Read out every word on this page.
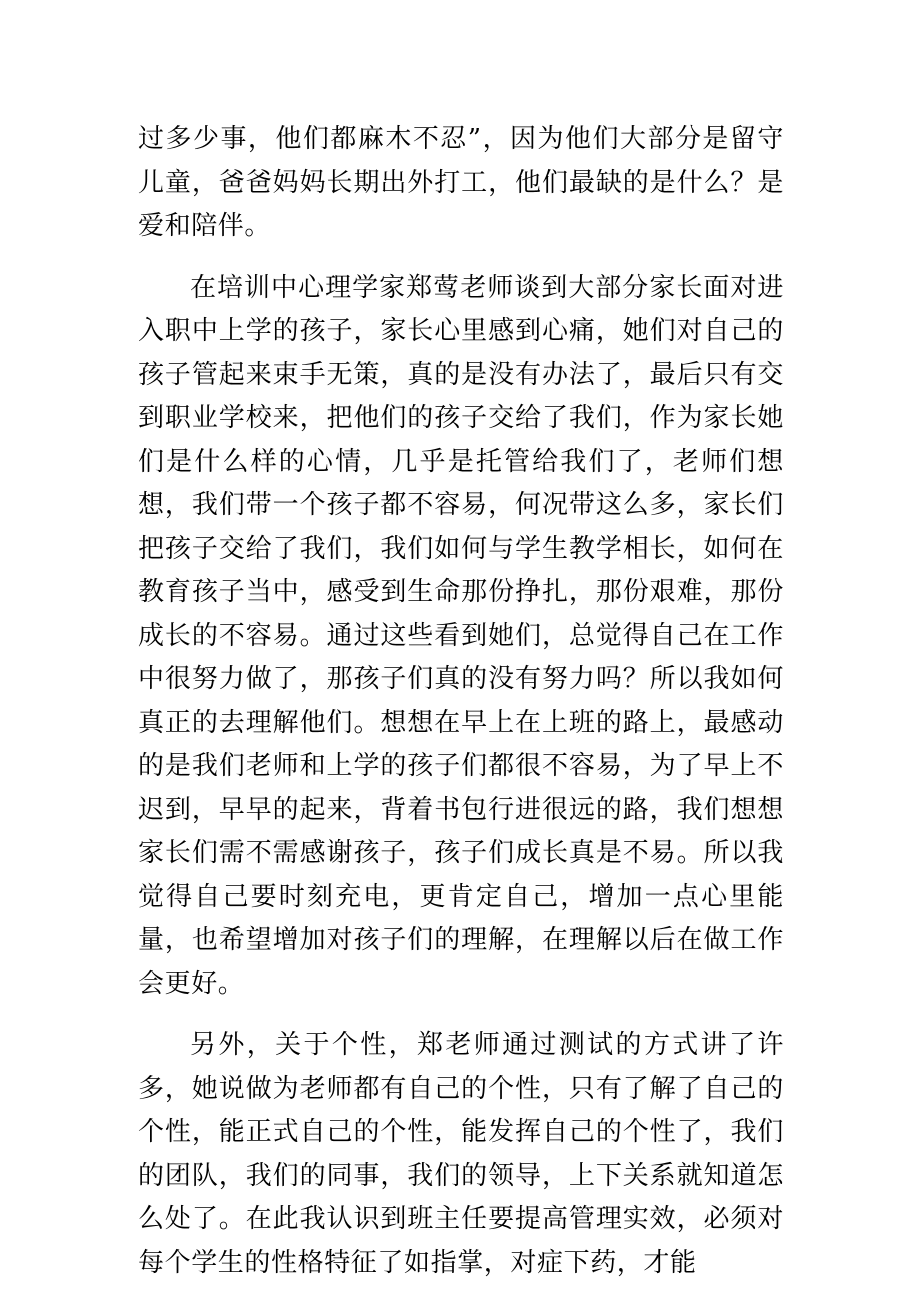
过多少事，他们都麻木不忍”，因为他们大部分是留守儿童，爸爸妈妈长期出外打工，他们最缺的是什么？是爱和陪伴。

在培训中心理学家郑莺老师谈到大部分家长面对进入职中上学的孩子，家长心里感到心痛，她们对自己的孩子管起来束手无策，真的是没有办法了，最后只有交到职业学校来，把他们的孩子交给了我们，作为家长她们是什么样的心情，几乎是托管给我们了，老师们想想，我们带一个孩子都不容易，何况带这么多，家长们把孩子交给了我们，我们如何与学生教学相长，如何在教育孩子当中，感受到生命那份挣扎，那份艰难，那份成长的不容易。通过这些看到她们，总觉得自己在工作中很努力做了，那孩子们真的没有努力吗？所以我如何真正的去理解他们。想想在早上在上班的路上，最感动的是我们老师和上学的孩子们都很不容易，为了早上不迟到，早早的起来，背着书包行进很远的路，我们想想家长们需不需感谢孩子，孩子们成长真是不易。所以我觉得自己要时刻充电，更肯定自己，增加一点心里能量，也希望增加对孩子们的理解，在理解以后在做工作会更好。

另外，关于个性，郑老师通过测试的方式讲了许多，她说做为老师都有自己的个性，只有了解了自己的个性，能正式自己的个性，能发挥自己的个性了，我们的团队，我们的同事，我们的领导，上下关系就知道怎么处了。在此我认识到班主任要提高管理实效，必须对每个学生的性格特征了如指掌，对症下药，才能
